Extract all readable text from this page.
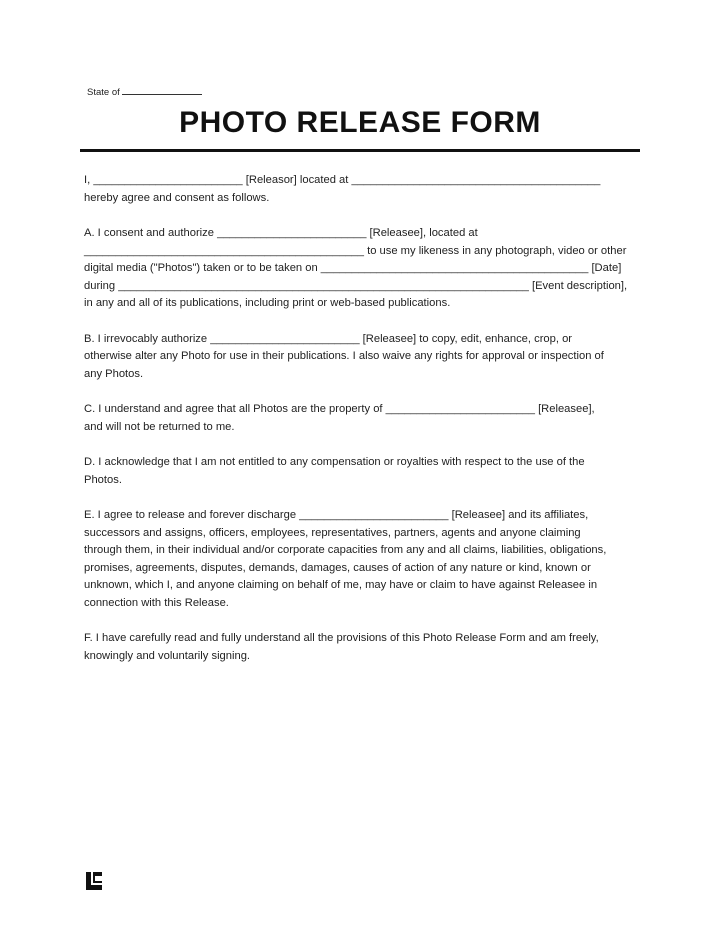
State of
PHOTO RELEASE FORM
I, ________________________ [Releasor] located at ________________________________________
hereby agree and consent as follows.
A. I consent and authorize ________________________ [Releasee], located at
_____________________________________________ to use my likeness in any photograph, video or other
digital media ("Photos") taken or to be taken on ___________________________________________ [Date]
during __________________________________________________________________ [Event description],
in any and all of its publications, including print or web-based publications.
B. I irrevocably authorize ________________________ [Releasee] to copy, edit, enhance, crop, or
otherwise alter any Photo for use in their publications. I also waive any rights for approval or inspection of
any Photos.
C. I understand and agree that all Photos are the property of ________________________ [Releasee],
and will not be returned to me.
D. I acknowledge that I am not entitled to any compensation or royalties with respect to the use of the
Photos.
E. I agree to release and forever discharge ________________________ [Releasee] and its affiliates,
successors and assigns, officers, employees, representatives, partners, agents and anyone claiming
through them, in their individual and/or corporate capacities from any and all claims, liabilities, obligations,
promises, agreements, disputes, demands, damages, causes of action of any nature or kind, known or
unknown, which I, and anyone claiming on behalf of me, may have or claim to have against Releasee in
connection with this Release.
F. I have carefully read and fully understand all the provisions of this Photo Release Form and am freely,
knowingly and voluntarily signing.
